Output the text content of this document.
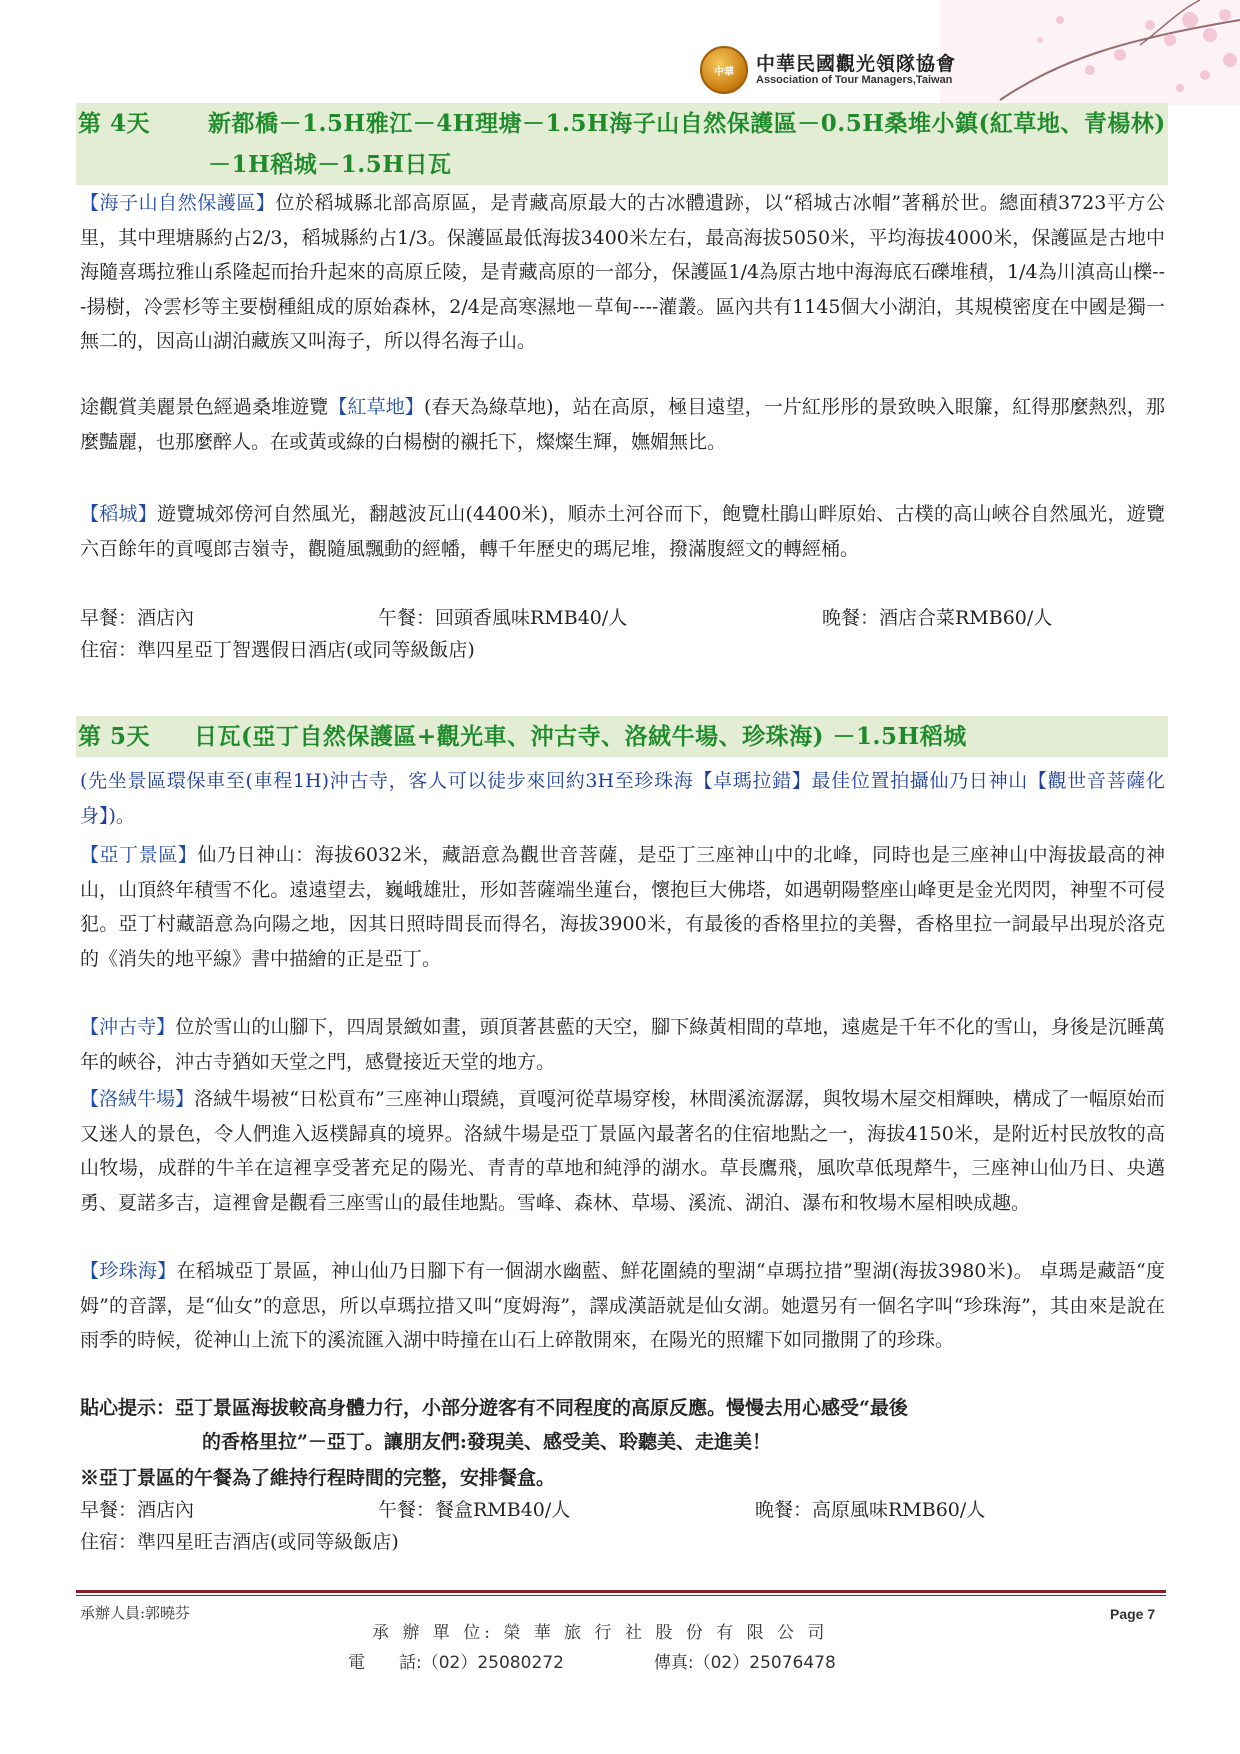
中華	中華民國觀光領隊協會
Association of Tour Managers,Taiwan
第 4天	新都橋－1.5H雅江－4H理塘－1.5H海子山自然保護區－0.5H桑堆小鎮(紅草地、青楊林)－1H稻城－1.5H日瓦
【海子山自然保護區】位於稻城縣北部高原區，是青藏高原最大的古冰體遺跡，以“稻城古冰帽”著稱於世。總面積3723平方公里，其中理塘縣約占2/3，稻城縣約占1/3。保護區最低海拔3400米左右，最高海拔5050米，平均海拔4000米，保護區是古地中海隨喜瑪拉雅山系隆起而抬升起來的高原丘陵，是青藏高原的一部分，保護區1/4為原古地中海海底石礫堆積，1/4為川滇高山櫟---揚樹，冷雲杉等主要樹種組成的原始森林，2/4是高寒濕地－草甸----灌叢。區內共有1145個大小湖泊，其規模密度在中國是獨一無二的，因高山湖泊藏族又叫海子，所以得名海子山。
途觀賞美麗景色經過桑堆遊覽【紅草地】(春天為綠草地)，站在高原，極目遠望，一片紅彤彤的景致映入眼簾，紅得那麼熱烈，那麼豔麗，也那麼醉人。在或黃或綠的白楊樹的襯托下，燦燦生輝，嫵媚無比。
【稻城】遊覽城郊傍河自然風光，翻越波瓦山(4400米)，順赤土河谷而下，飽覽杜鵑山畔原始、古樸的高山峽谷自然風光，遊覽六百餘年的貢嘎郎吉嶺寺，觀隨風飄動的經幡，轉千年歷史的瑪尼堆，撥滿腹經文的轉經桶。
早餐：酒店內	午餐：回頭香風味RMB40/人	晚餐：酒店合菜RMB60/人
住宿：準四星亞丁智選假日酒店(或同等級飯店)
第 5天 日瓦(亞丁自然保護區+觀光車、沖古寺、洛絨牛場、珍珠海) －1.5H稻城
(先坐景區環保車至(車程1H)沖古寺，客人可以徒步來回約3H至珍珠海【卓瑪拉錯】最佳位置拍攝仙乃日神山【觀世音菩薩化身】)。
【亞丁景區】仙乃日神山：海拔6032米，藏語意為觀世音菩薩，是亞丁三座神山中的北峰，同時也是三座神山中海拔最高的神山，山頂終年積雪不化。遠遠望去，巍峨雄壯，形如菩薩端坐蓮台，懷抱巨大佛塔，如遇朝陽整座山峰更是金光閃閃，神聖不可侵犯。亞丁村藏語意為向陽之地，因其日照時間長而得名，海拔3900米，有最後的香格里拉的美譽，香格里拉一詞最早出現於洛克的《消失的地平線》書中描繪的正是亞丁。
【沖古寺】位於雪山的山腳下，四周景緻如畫，頭頂著甚藍的天空，腳下綠黃相間的草地，遠處是千年不化的雪山，身後是沉睡萬年的峽谷，沖古寺猶如天堂之門，感覺接近天堂的地方。
【洛絨牛場】洛絨牛場被“日松貢布”三座神山環繞，貢嘎河從草場穿梭，林間溪流潺潺，與牧場木屋交相輝映，構成了一幅原始而又迷人的景色，令人們進入返樸歸真的境界。洛絨牛場是亞丁景區內最著名的住宿地點之一，海拔4150米，是附近村民放牧的高山牧場，成群的牛羊在這裡享受著充足的陽光、青青的草地和純淨的湖水。草長鷹飛，風吹草低現犛牛，三座神山仙乃日、央邁勇、夏諾多吉，這裡會是觀看三座雪山的最佳地點。雪峰、森林、草場、溪流、湖泊、瀑布和牧場木屋相映成趣。
【珍珠海】在稻城亞丁景區，神山仙乃日腳下有一個湖水幽藍、鮮花圍繞的聖湖“卓瑪拉措”聖湖(海拔3980米)。 卓瑪是藏語“度姆”的音譯，是“仙女”的意思，所以卓瑪拉措又叫“度姆海”，譯成漢語就是仙女湖。她還另有一個名字叫“珍珠海”，其由來是說在雨季的時候，從神山上流下的溪流匯入湖中時撞在山石上碎散開來，在陽光的照耀下如同撒開了的珍珠。
貼心提示：亞丁景區海拔較高身體力行，小部分遊客有不同程度的高原反應。慢慢去用心感受“最後
的香格里拉”－亞丁。讓朋友們:發現美、感受美、聆聽美、走進美！
※亞丁景區的午餐為了維持行程時間的完整，安排餐盒。
早餐：酒店內	午餐：餐盒RMB40/人	晚餐：高原風味RMB60/人
住宿：準四星旺吉酒店(或同等級飯店)
承辦人員:郭曉芬
承 辦 單 位: 榮 華 旅 行 社 股 份 有 限 公 司
電　　話:（02）25080272	傳真:（02）25076478
Page 7
